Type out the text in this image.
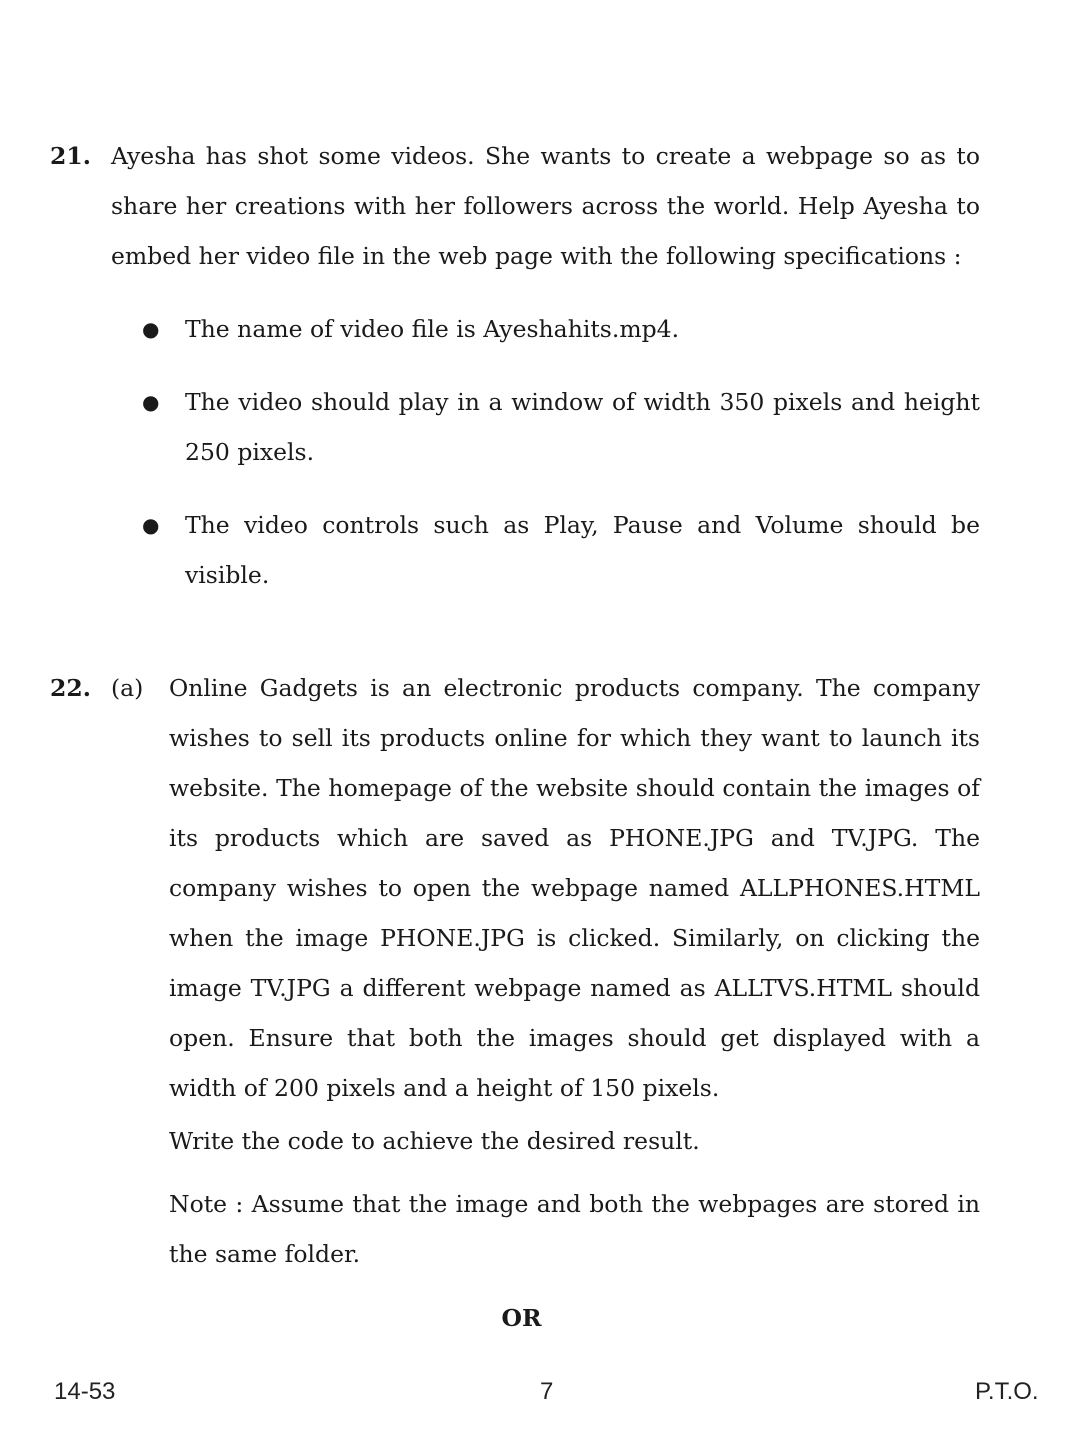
21. Ayesha has shot some videos. She wants to create a webpage so as to share her creations with her followers across the world. Help Ayesha to embed her video file in the web page with the following specifications :

● The name of video file is Ayeshahits.mp4.

● The video should play in a window of width 350 pixels and height 250 pixels.

● The video controls such as Play, Pause and Volume should be visible.

22. (a) Online Gadgets is an electronic products company. The company wishes to sell its products online for which they want to launch its website. The homepage of the website should contain the images of its products which are saved as PHONE.JPG and TV.JPG. The company wishes to open the webpage named ALLPHONES.HTML when the image PHONE.JPG is clicked. Similarly, on clicking the image TV.JPG a different webpage named as ALLTVS.HTML should open. Ensure that both the images should get displayed with a width of 200 pixels and a height of 150 pixels.

Write the code to achieve the desired result.

Note : Assume that the image and both the webpages are stored in the same folder.

OR
14-53	7	P.T.O.
